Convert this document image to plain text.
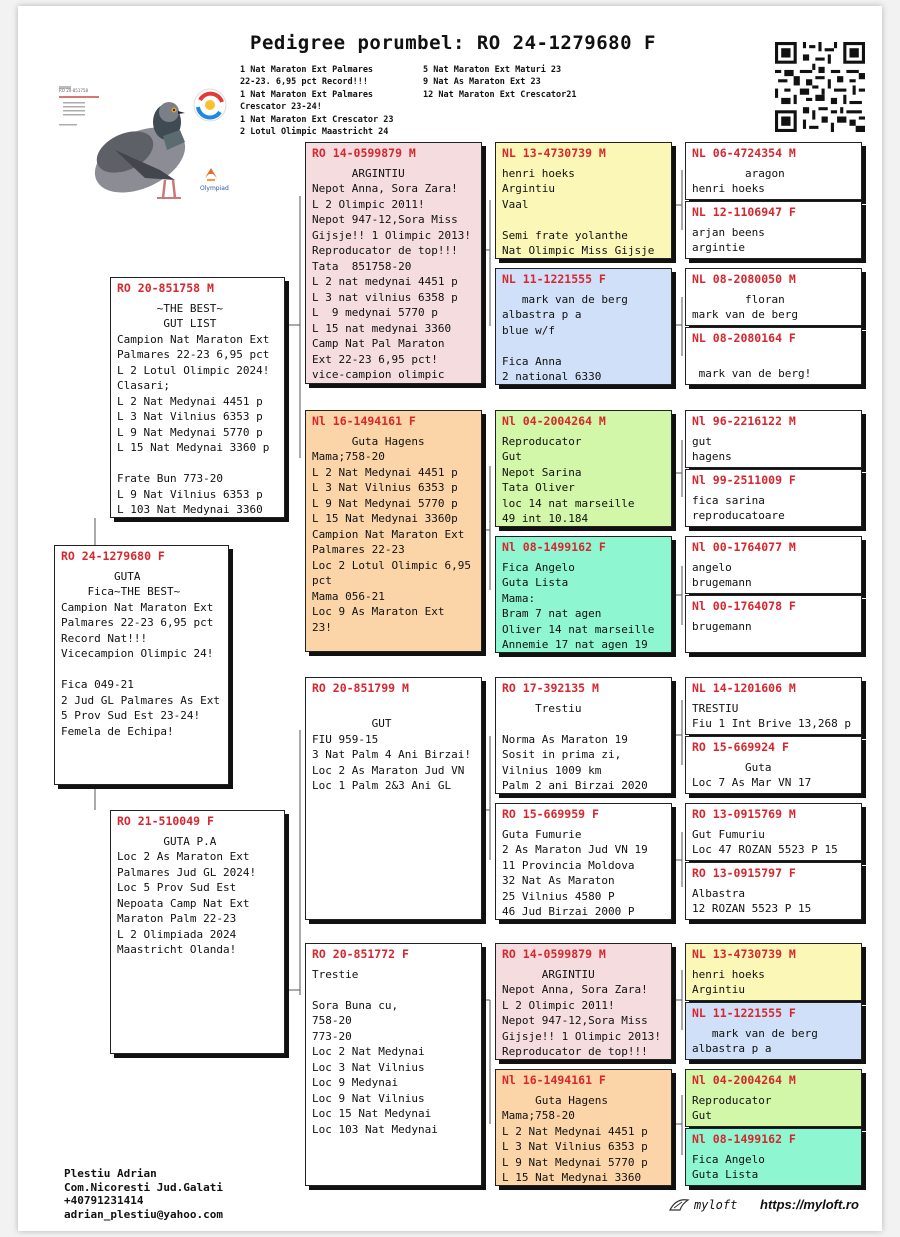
Pedigree porumbel: RO 24-1279680 F
1 Nat Maraton Ext Palmares
22-23. 6,95 pct Record!!!
1 Nat Maraton Ext Palmares
Crescator 23-24!
1 Nat Maraton Ext Crescator 23
2 Lotul Olimpic Maastricht 24
5 Nat Maraton Ext Maturi 23
9 Nat As Maraton Ext 23
12 Nat Maraton Ext Crescator21
RO 20-851758
Olympiad
RO 24-1279680 F
GUTA
Fica~THE BEST~
Campion Nat Maraton Ext
Palmares 22-23 6,95 pct
Record Nat!!!
Vicecampion Olimpic 24!

Fica 049-21
2 Jud GL Palmares As Ext
5 Prov Sud Est 23-24!
Femela de Echipa!
RO 20-851758 M
~THE BEST~
GUT LIST
Campion Nat Maraton Ext
Palmares 22-23 6,95 pct
L 2 Lotul Olimpic 2024!
Clasari;
L 2 Nat Medynai 4451 p
L 3 Nat Vilnius 6353 p
L 9 Nat Medynai 5770 p
L 15 Nat Medynai 3360 p

Frate Bun 773-20
L 9 Nat Vilnius 6353 p
L 103 Nat Medynai 3360
RO 21-510049 F
GUTA P.A
Loc 2 As Maraton Ext
Palmares Jud GL 2024!
Loc 5 Prov Sud Est
Nepoata Camp Nat Ext
Maraton Palm 22-23
L 2 Olimpiada 2024
Maastricht Olanda!
RO 14-0599879 M
ARGINTIU
Nepot Anna, Sora Zara!
L 2 Olimpic 2011!
Nepot 947-12,Sora Miss
Gijsje!! 1 Olimpic 2013!
Reproducator de top!!!
Tata  851758-20
L 2 nat medynai 4451 p
L 3 nat vilnius 6358 p
L  9 medynai 5770 p
L 15 nat medynai 3360
Camp Nat Pal Maraton
Ext 22-23 6,95 pct!
vice-campion olimpic
Nl 16-1494161 F
Guta Hagens
Mama;758-20
L 2 Nat Medynai 4451 p
L 3 Nat Vilnius 6353 p
L 9 Nat Medynai 5770 p
L 15 Nat Medynai 3360p
Campion Nat Maraton Ext
Palmares 22-23
Loc 2 Lotul Olimpic 6,95
pct
Mama 056-21
Loc 9 As Maraton Ext
23!
RO 20-851799 M

GUT
FIU 959-15
3 Nat Palm 4 Ani Birzai!
Loc 2 As Maraton Jud VN
Loc 1 Palm 2&3 Ani GL
RO 20-851772 F
Trestie

Sora Buna cu,
758-20
773-20
Loc 2 Nat Medynai
Loc 3 Nat Vilnius
Loc 9 Medynai
Loc 9 Nat Vilnius
Loc 15 Nat Medynai
Loc 103 Nat Medynai
NL 13-4730739 M
henri hoeks
Argintiu
Vaal

Semi frate yolanthe
Nat Olimpic Miss Gijsje
NL 11-1221555 F
mark van de berg
albastra p a
blue w/f

Fica Anna
2 national 6330
Nl 04-2004264 M
Reproducator
Gut
Nepot Sarina
Tata Oliver
loc 14 nat marseille
49 int 10.184
Nl 08-1499162 F
Fica Angelo
Guta Lista
Mama:
Bram 7 nat agen
Oliver 14 nat marseille
Annemie 17 nat agen 19
RO 17-392135 M
Trestiu

Norma As Maraton 19
Sosit in prima zi,
Vilnius 1009 km
Palm 2 ani Birzai 2020
RO 15-669959 F
Guta Fumurie
2 As Maraton Jud VN 19
11 Provincia Moldova
32 Nat As Maraton
25 Vilnius 4580 P
46 Jud Birzai 2000 P
RO 14-0599879 M
ARGINTIU
Nepot Anna, Sora Zara!
L 2 Olimpic 2011!
Nepot 947-12,Sora Miss
Gijsje!! 1 Olimpic 2013!
Reproducator de top!!!
Nl 16-1494161 F
Guta Hagens
Mama;758-20
L 2 Nat Medynai 4451 p
L 3 Nat Vilnius 6353 p
L 9 Nat Medynai 5770 p
L 15 Nat Medynai 3360
NL 06-4724354 M
aragon
henri hoeks
NL 12-1106947 F
arjan beens
argintie
NL 08-2080050 M
floran
mark van de berg
NL 08-2080164 F

mark van de berg!
Nl 96-2216122 M
gut
hagens
Nl 99-2511009 F
fica sarina
reproducatoare
Nl 00-1764077 M
angelo
brugemann
Nl 00-1764078 F
brugemann
NL 14-1201606 M
TRESTIU
Fiu 1 Int Brive 13,268 p
RO 15-669924 F
Guta
Loc 7 As Mar VN 17
RO 13-0915769 M
Gut Fumuriu
Loc 47 ROZAN 5523 P 15
RO 13-0915797 F
Albastra
12 ROZAN 5523 P 15
NL 13-4730739 M
henri hoeks
Argintiu
NL 11-1221555 F
mark van de berg
albastra p a
Nl 04-2004264 M
Reproducator
Gut
Nl 08-1499162 F
Fica Angelo
Guta Lista
Plestiu Adrian
Com.Nicoresti Jud.Galati
+40791231414
adrian_plestiu@yahoo.com
myloft https://myloft.ro
